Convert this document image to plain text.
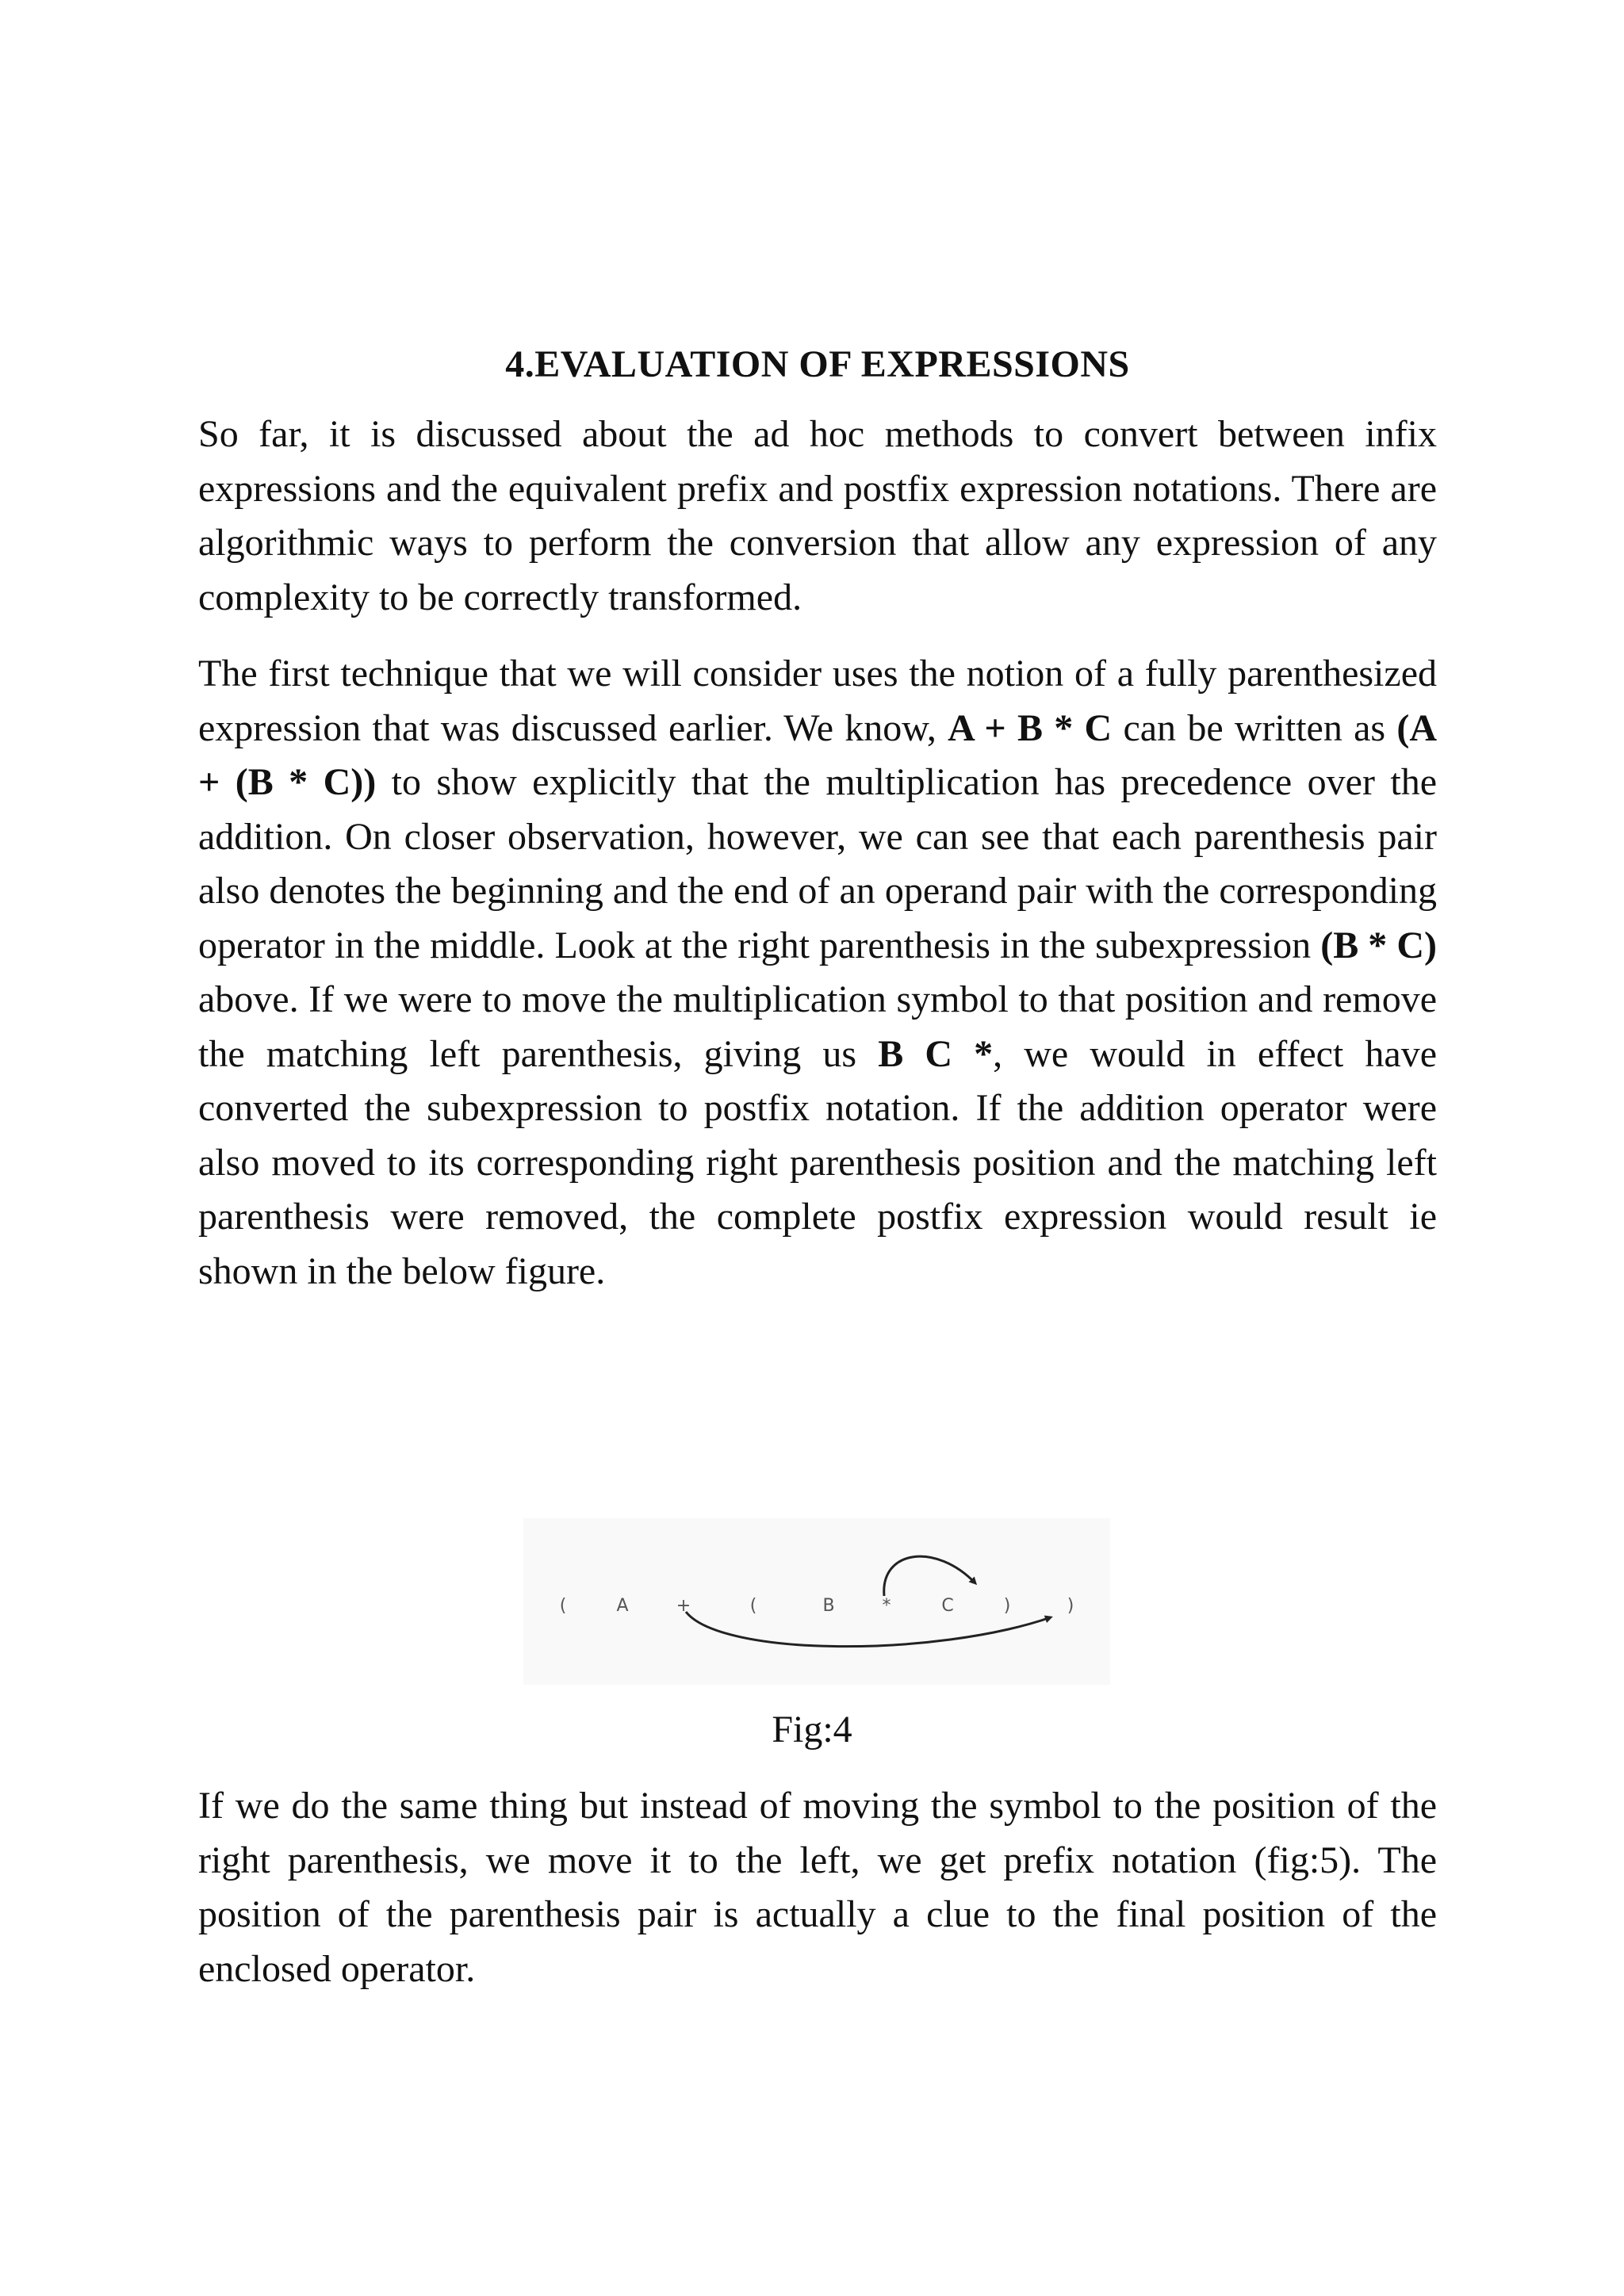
4.EVALUATION OF EXPRESSIONS

So far, it is discussed about the ad hoc methods to convert between infix expressions and the equivalent prefix and postfix expression notations. There are algorithmic ways to perform the conversion that allow any expression of any complexity to be correctly transformed.

The first technique that we will consider uses the notion of a fully parenthesized expression that was discussed earlier. We know, A + B * C can be written as (A + (B * C)) to show explicitly that the multiplication has precedence over the addition. On closer observation, however, we can see that each parenthesis pair also denotes the beginning and the end of an operand pair with the corresponding operator in the middle. Look at the right parenthesis in the subexpression (B * C) above. If we were to move the multiplication symbol to that position and remove the matching left parenthesis, giving us B C *, we would in effect have converted the subexpression to postfix notation. If the addition operator were also moved to its corresponding right parenthesis position and the matching left parenthesis were removed, the complete postfix expression would result ie shown in the below figure.

(	A	+	(	B	*	C	)	)
Fig:4

If we do the same thing but instead of moving the symbol to the position of the right parenthesis, we move it to the left, we get prefix notation (fig:5). The position of the parenthesis pair is actually a clue to the final position of the enclosed operator.
